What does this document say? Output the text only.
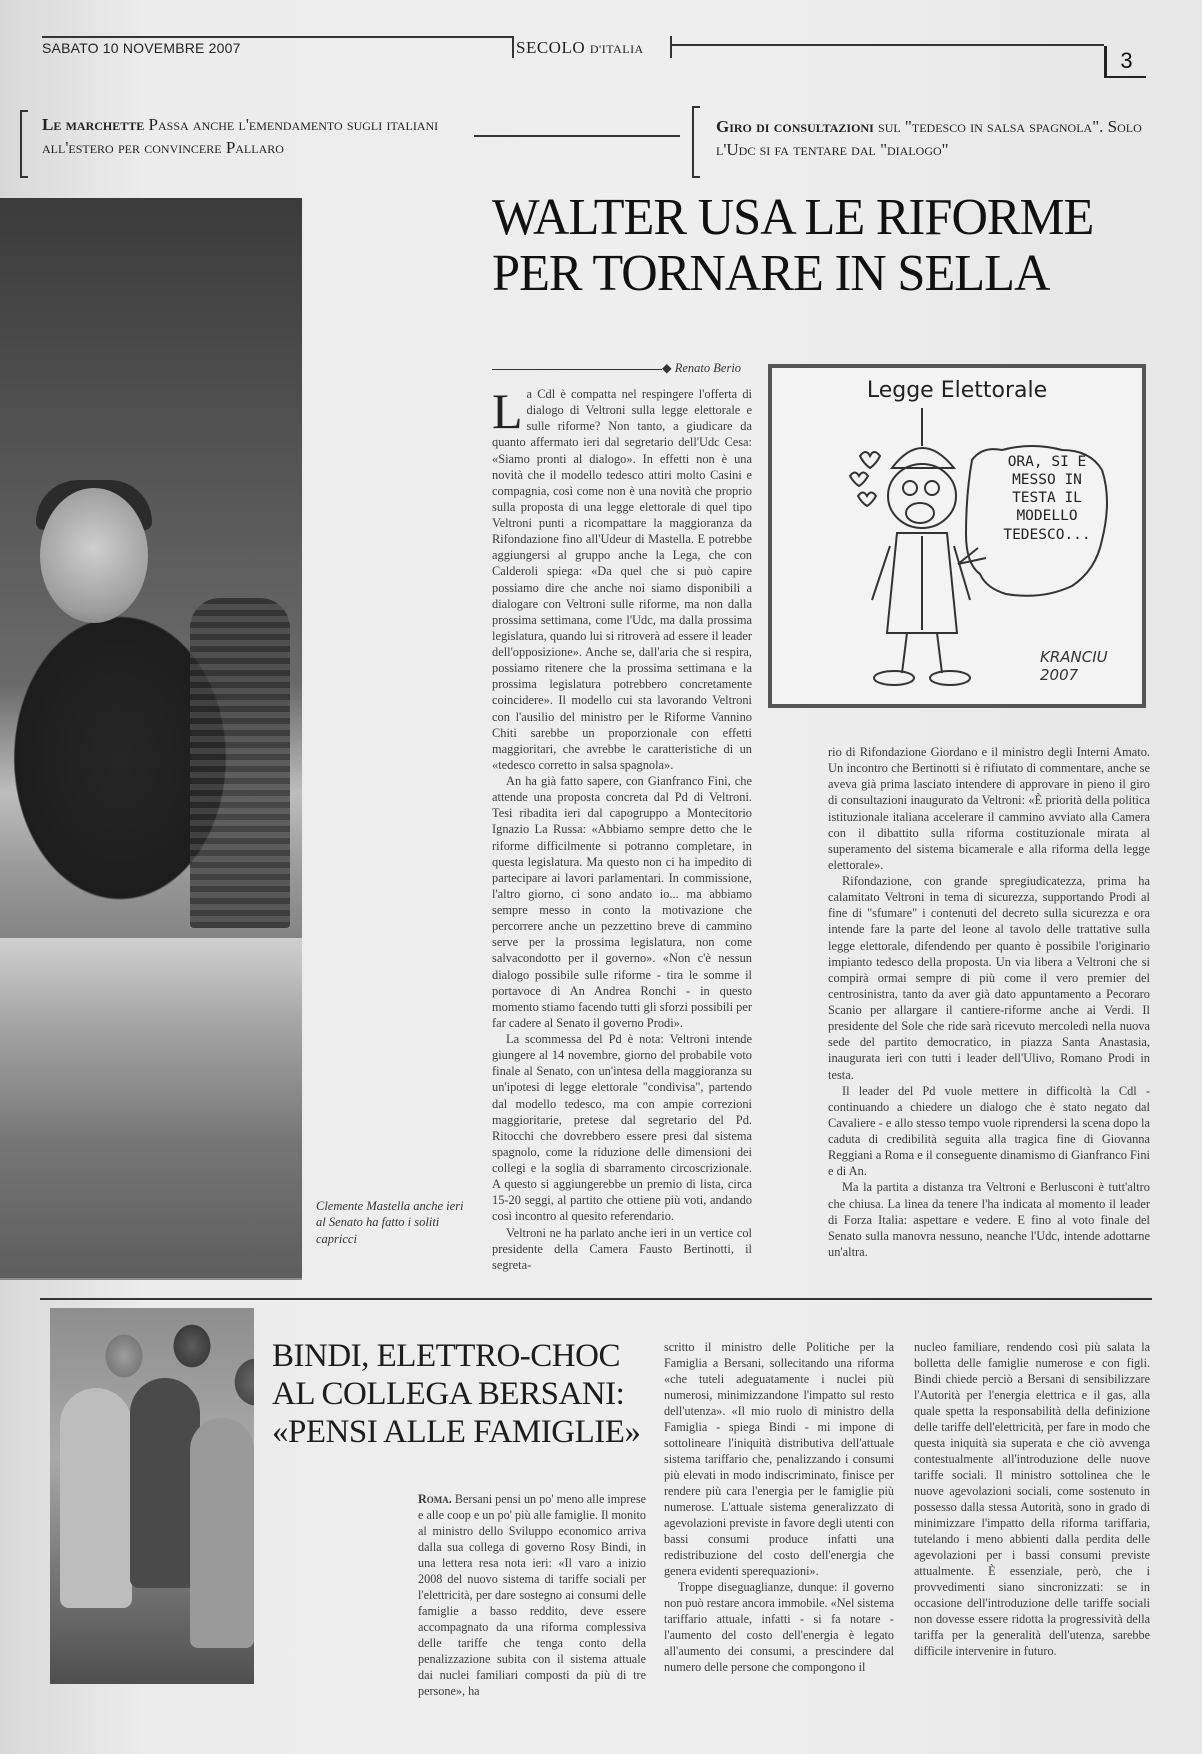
SABATO 10 NOVEMBRE 2007	SECOLO D'ITALIA	3
Le marchette Passa anche l'emendamento sugli italiani all'estero per convincere Pallaro
Giro di consultazioni sul "tedesco in salsa spagnola". Solo l'Udc si fa tentare dal "dialogo"
Clemente Mastella anche ieri al Senato ha fatto i soliti capricci
WALTER USA LE RIFORME
PER TORNARE IN SELLA
◆ Renato Berio
L a Cdl è compatta nel respingere l'offerta di dialogo di Veltroni sulla legge elettorale e sulle riforme? Non tanto, a giudicare da quanto affermato ieri dal segretario dell'Udc Cesa: «Siamo pronti al dialogo». In effetti non è una novità che il modello tedesco attiri molto Casini e compagnia, così come non è una novità che proprio sulla proposta di una legge elettorale di quel tipo Veltroni punti a ricompattare la maggioranza da Rifondazione fino all'Udeur di Mastella. E potrebbe aggiungersi al gruppo anche la Lega, che con Calderoli spiega: «Da quel che si può capire possiamo dire che anche noi siamo disponibili a dialogare con Veltroni sulle riforme, ma non dalla prossima settimana, come l'Udc, ma dalla prossima legislatura, quando lui si ritroverà ad essere il leader dell'opposizione». Anche se, dall'aria che si respira, possiamo ritenere che la prossima settimana e la prossima legislatura potrebbero concretamente coincidere». Il modello cui sta lavorando Veltroni con l'ausilio del ministro per le Riforme Vannino Chiti sarebbe un proporzionale con effetti maggioritari, che avrebbe le caratteristiche di un «tedesco corretto in salsa spagnola».

An ha già fatto sapere, con Gianfranco Fini, che attende una proposta concreta dal Pd di Veltroni. Tesi ribadita ieri dal capogruppo a Montecitorio Ignazio La Russa: «Abbiamo sempre detto che le riforme difficilmente si potranno completare, in questa legislatura. Ma questo non ci ha impedito di partecipare ai lavori parlamentari. In commissione, l'altro giorno, ci sono andato io... ma abbiamo sempre messo in conto la motivazione che percorrere anche un pezzettino breve di cammino serve per la prossima legislatura, non come salvacondotto per il governo». «Non c'è nessun dialogo possibile sulle riforme - tira le somme il portavoce di An Andrea Ronchi - in questo momento stiamo facendo tutti gli sforzi possibili per far cadere al Senato il governo Prodi».

La scommessa del Pd è nota: Veltroni intende giungere al 14 novembre, giorno del probabile voto finale al Senato, con un'intesa della maggioranza su un'ipotesi di legge elettorale "condivisa", partendo dal modello tedesco, ma con ampie correzioni maggioritarie, pretese dal segretario del Pd. Ritocchi che dovrebbero essere presi dal sistema spagnolo, come la riduzione delle dimensioni dei collegi e la soglia di sbarramento circoscrizionale. A questo si aggiungerebbe un premio di lista, circa 15-20 seggi, al partito che ottiene più voti, andando così incontro al quesito referendario.

Veltroni ne ha parlato anche ieri in un vertice col presidente della Camera Fausto Bertinotti, il segreta-

Legge Elettorale
ORA, SI È
MESSO IN
TESTA IL
MODELLO
TEDESCO...
KRANCIU 2007

rio di Rifondazione Giordano e il ministro degli Interni Amato. Un incontro che Bertinotti si è rifiutato di commentare, anche se aveva già prima lasciato intendere di approvare in pieno il giro di consultazioni inaugurato da Veltroni: «È priorità della politica istituzionale italiana accelerare il cammino avviato alla Camera con il dibattito sulla riforma costituzionale mirata al superamento del sistema bicamerale e alla riforma della legge elettorale».

Rifondazione, con grande spregiudicatezza, prima ha calamitato Veltroni in tema di sicurezza, supportando Prodi al fine di "sfumare" i contenuti del decreto sulla sicurezza e ora intende fare la parte del leone al tavolo delle trattative sulla legge elettorale, difendendo per quanto è possibile l'originario impianto tedesco della proposta. Un via libera a Veltroni che si compirà ormai sempre di più come il vero premier del centrosinistra, tanto da aver già dato appuntamento a Pecoraro Scanio per allargare il cantiere-riforme anche ai Verdi. Il presidente del Sole che ride sarà ricevuto mercoledì nella nuova sede del partito democratico, in piazza Santa Anastasia, inaugurata ieri con tutti i leader dell'Ulivo, Romano Prodi in testa.

Il leader del Pd vuole mettere in difficoltà la Cdl - continuando a chiedere un dialogo che è stato negato dal Cavaliere - e allo stesso tempo vuole riprendersi la scena dopo la caduta di credibilità seguita alla tragica fine di Giovanna Reggiani a Roma e il conseguente dinamismo di Gianfranco Fini e di An.

Ma la partita a distanza tra Veltroni e Berlusconi è tutt'altro che chiusa. La linea da tenere l'ha indicata al momento il leader di Forza Italia: aspettare e vedere. E fino al voto finale del Senato sulla manovra nessuno, neanche l'Udc, intende adottarne un'altra.

BINDI, ELETTRO-CHOC
AL COLLEGA BERSANI:
«PENSI ALLE FAMIGLIE»

Roma. Bersani pensi un po' meno alle imprese e alle coop e un po' più alle famiglie. Il monito al ministro dello Sviluppo economico arriva dalla sua collega di governo Rosy Bindi, in una lettera resa nota ieri: «Il varo a inizio 2008 del nuovo sistema di tariffe sociali per l'elettricità, per dare sostegno ai consumi delle famiglie a basso reddito, deve essere accompagnato da una riforma complessiva delle tariffe che tenga conto della penalizzazione subita con il sistema attuale dai nuclei familiari composti da più di tre persone», ha

scritto il ministro delle Politiche per la Famiglia a Bersani, sollecitando una riforma «che tuteli adeguatamente i nuclei più numerosi, minimizzandone l'impatto sul resto dell'utenza». «Il mio ruolo di ministro della Famiglia - spiega Bindi - mi impone di sottolineare l'iniquità distributiva dell'attuale sistema tariffario che, penalizzando i consumi più elevati in modo indiscriminato, finisce per rendere più cara l'energia per le famiglie più numerose. L'attuale sistema generalizzato di agevolazioni previste in favore degli utenti con bassi consumi produce infatti una redistribuzione del costo dell'energia che genera evidenti sperequazioni».

Troppe diseguaglianze, dunque: il governo non può restare ancora immobile. «Nel sistema tariffario attuale, infatti - si fa notare - l'aumento del costo dell'energia è legato all'aumento dei consumi, a prescindere dal numero delle persone che compongono il

nucleo familiare, rendendo così più salata la bolletta delle famiglie numerose e con figli. Bindi chiede perciò a Bersani di sensibilizzare l'Autorità per l'energia elettrica e il gas, alla quale spetta la responsabilità della definizione delle tariffe dell'elettricità, per fare in modo che questa iniquità sia superata e che ciò avvenga contestualmente all'introduzione delle nuove tariffe sociali. Il ministro sottolinea che le nuove agevolazioni sociali, come sostenuto in possesso dalla stessa Autorità, sono in grado di minimizzare l'impatto della riforma tariffaria, tutelando i meno abbienti dalla perdita delle agevolazioni per i bassi consumi previste attualmente. È essenziale, però, che i provvedimenti siano sincronizzati: se in occasione dell'introduzione delle tariffe sociali non dovesse essere ridotta la progressività della tariffa per la generalità dell'utenza, sarebbe difficile intervenire in futuro.
